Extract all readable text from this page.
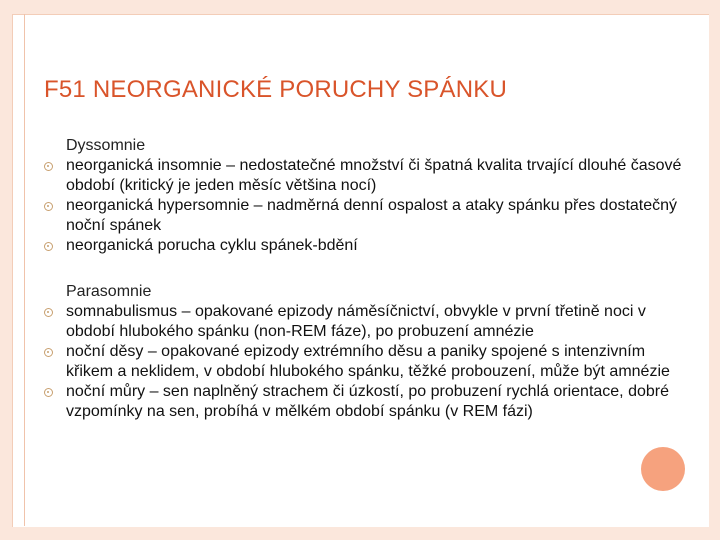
F51 NEORGANICKÉ PORUCHY SPÁNKU
Dyssomnie
neorganická insomnie – nedostatečné množství či špatná kvalita trvající dlouhé časové období (kritický je jeden měsíc většina nocí)
neorganická hypersomnie – nadměrná denní ospalost a ataky spánku přes dostatečný noční spánek
neorganická porucha cyklu spánek-bdění
Parasomnie
somnabulismus – opakované epizody náměsíčnictví, obvykle v první třetině noci v období hlubokého spánku (non-REM fáze), po probuzení amnézie
noční děsy – opakované epizody extrémního děsu a paniky spojené s intenzivním křikem a neklidem, v období hlubokého spánku, těžké probouzení, může být amnézie
noční můry – sen naplněný strachem či úzkostí, po probuzení rychlá orientace, dobré vzpomínky na sen, probíhá v mělkém období spánku (v REM fázi)
